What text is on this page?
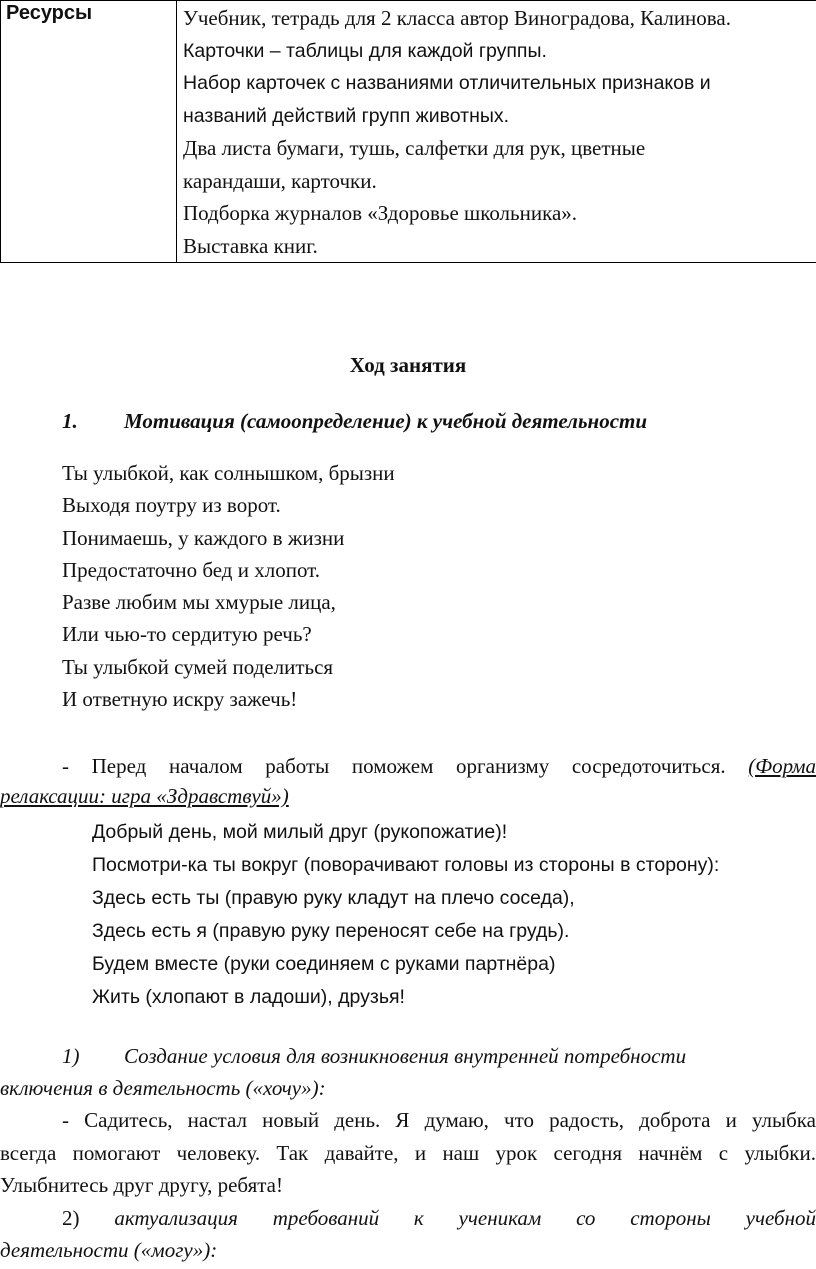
Ресурсы	Учебник, тетрадь для 2 класса автор Виноградова, Калинова.
Карточки – таблицы для каждой группы.
Набор карточек с названиями отличительных признаков и
названий действий групп животных.
Два листа бумаги, тушь, салфетки для рук, цветные
карандаши, карточки.
Подборка журналов «Здоровье школьника».
Выставка книг.
Ход занятия
1. Мотивация (самоопределение) к учебной деятельности
Ты улыбкой, как солнышком, брызни
Выходя поутру из ворот.
Понимаешь, у каждого в жизни
Предостаточно бед и хлопот.
Разве любим мы хмурые лица,
Или чью-то сердитую речь?
Ты улыбкой сумей поделиться
И ответную искру зажечь!
- Перед началом работы поможем организму сосредоточиться. (Форма
релаксации: игра «Здравствуй»)
Добрый день, мой милый друг (рукопожатие)!
Посмотри-ка ты вокруг (поворачивают головы из стороны в сторону):
Здесь есть ты (правую руку кладут на плечо соседа),
Здесь есть я (правую руку переносят себе на грудь).
Будем вместе (руки соединяем с руками партнёра)
Жить (хлопают в ладоши), друзья!
1) Создание условия для возникновения внутренней потребности
включения в деятельность («хочу»):
- Садитесь, настал новый день. Я думаю, что радость, доброта и улыбка
всегда помогают человеку. Так давайте, и наш урок сегодня начнём с улыбки.
Улыбнитесь друг другу, ребята!
2) актуализация требований к ученикам со стороны учебной
деятельности («могу»):
